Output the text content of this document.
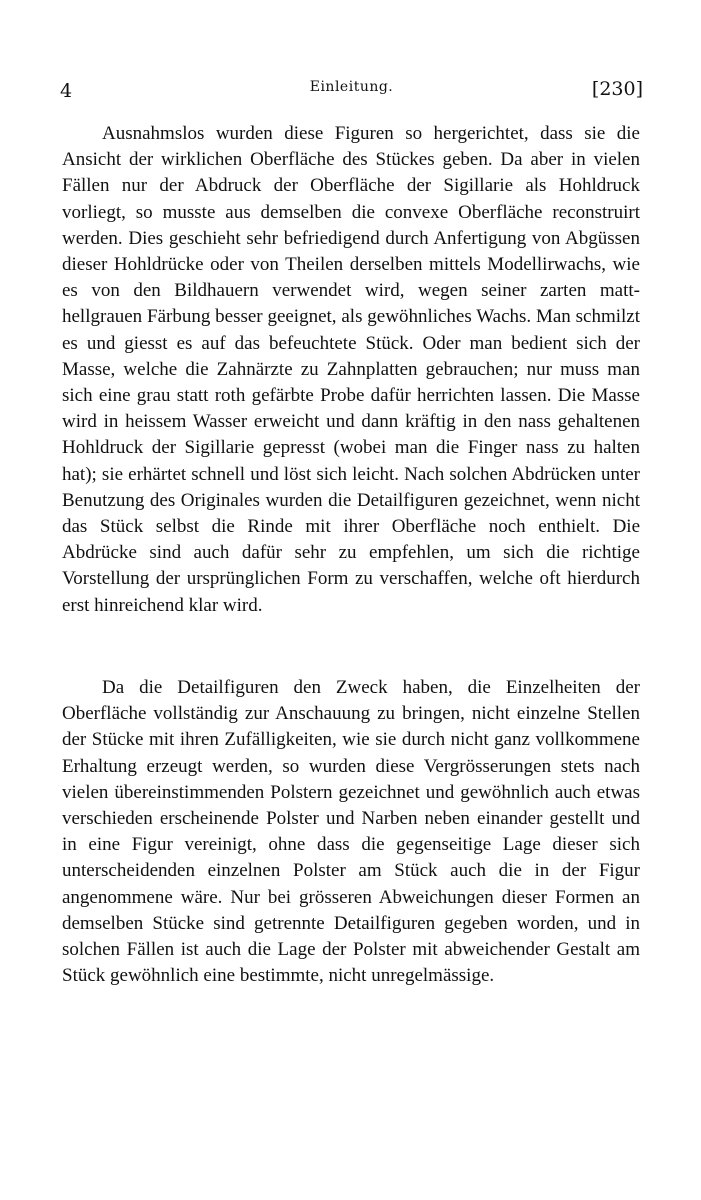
4	Einleitung.	[230]

Ausnahmslos wurden diese Figuren so hergerichtet, dass sie die Ansicht der wirklichen Oberfläche des Stückes geben. Da aber in vielen Fällen nur der Abdruck der Oberfläche der Sigillarie als Hohldruck vorliegt, so musste aus demselben die convexe Oberfläche reconstruirt werden. Dies geschieht sehr befriedigend durch Anfertigung von Abgüssen dieser Hohldrücke oder von Theilen derselben mittels Modellirwachs, wie es von den Bildhauern verwendet wird, wegen seiner zarten matt-hellgrauen Färbung besser geeignet, als gewöhnliches Wachs. Man schmilzt es und giesst es auf das befeuchtete Stück. Oder man bedient sich der Masse, welche die Zahnärzte zu Zahnplatten gebrauchen; nur muss man sich eine grau statt roth gefärbte Probe dafür herrichten lassen. Die Masse wird in heissem Wasser erweicht und dann kräftig in den nass gehaltenen Hohldruck der Sigillarie gepresst (wobei man die Finger nass zu halten hat); sie erhärtet schnell und löst sich leicht. Nach solchen Abdrücken unter Benutzung des Originales wurden die Detailfiguren gezeichnet, wenn nicht das Stück selbst die Rinde mit ihrer Oberfläche noch enthielt. Die Abdrücke sind auch dafür sehr zu empfehlen, um sich die richtige Vorstellung der ursprünglichen Form zu verschaffen, welche oft hierdurch erst hinreichend klar wird.

Da die Detailfiguren den Zweck haben, die Einzelheiten der Oberfläche vollständig zur Anschauung zu bringen, nicht einzelne Stellen der Stücke mit ihren Zufälligkeiten, wie sie durch nicht ganz vollkommene Erhaltung erzeugt werden, so wurden diese Vergrösserungen stets nach vielen übereinstimmenden Polstern gezeichnet und gewöhnlich auch etwas verschieden erscheinende Polster und Narben neben einander gestellt und in eine Figur vereinigt, ohne dass die gegenseitige Lage dieser sich unterscheidenden einzelnen Polster am Stück auch die in der Figur angenommene wäre. Nur bei grösseren Abweichungen dieser Formen an demselben Stücke sind getrennte Detailfiguren gegeben worden, und in solchen Fällen ist auch die Lage der Polster mit abweichender Gestalt am Stück gewöhnlich eine bestimmte, nicht unregelmässige.
